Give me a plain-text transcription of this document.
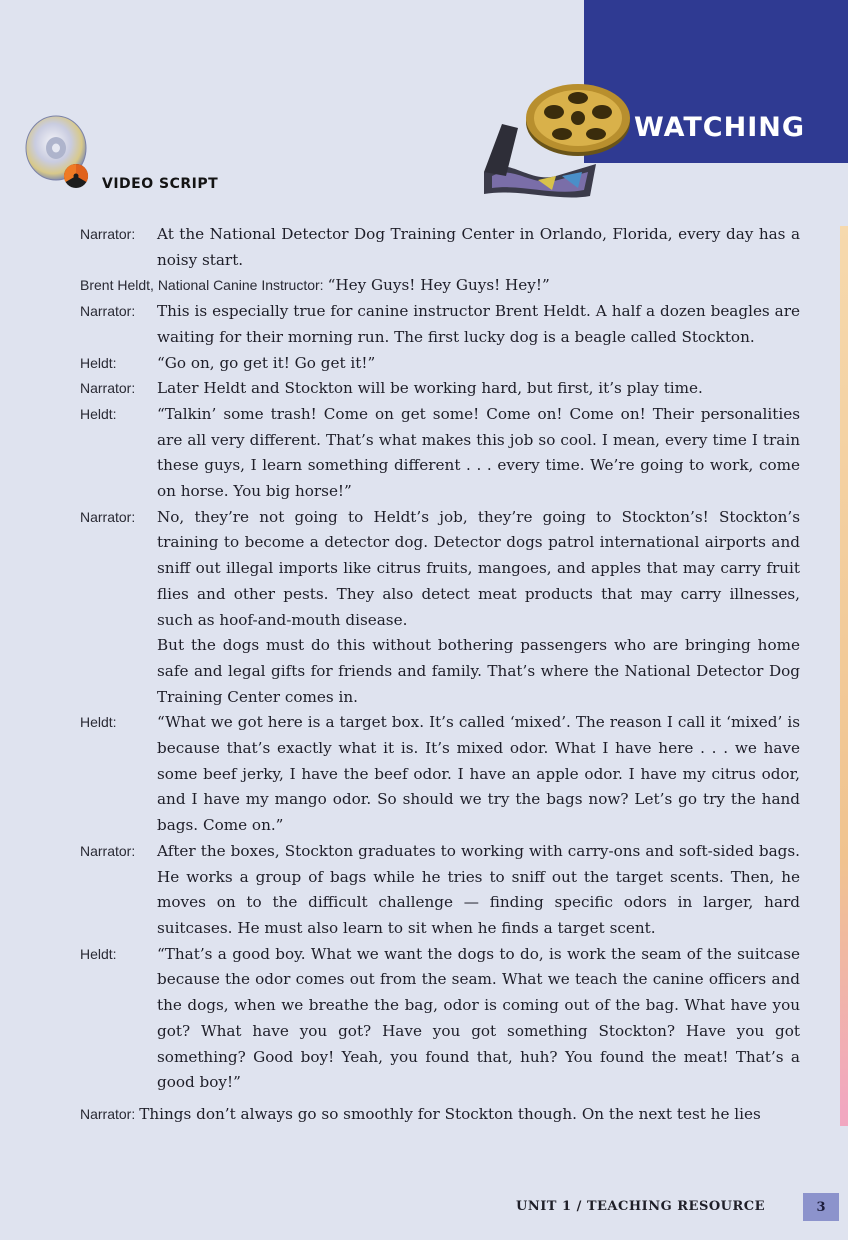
WATCHING
VIDEO SCRIPT
Narrator:	At the National Detector Dog Training Center in Orlando, Florida, every day has a noisy start.

Brent Heldt, National Canine Instructor: “Hey Guys! Hey Guys! Hey!”

Narrator:	This is especially true for canine instructor Brent Heldt. A half a dozen beagles are waiting for their morning run. The first lucky dog is a beagle called Stockton.

Heldt:	“Go on, go get it! Go get it!”

Narrator:	Later Heldt and Stockton will be working hard, but first, it’s play time.

Heldt:	“Talkin’ some trash! Come on get some! Come on! Come on! Their personalities are all very different. That’s what makes this job so cool. I mean, every time I train these guys, I learn something different . . . every time. We’re going to work, come on horse. You big horse!”

Narrator:	No, they’re not going to Heldt’s job, they’re going to Stockton’s! Stockton’s training to become a detector dog. Detector dogs patrol international airports and sniff out illegal imports like citrus fruits, mangoes, and apples that may carry fruit flies and other pests. They also detect meat products that may carry illnesses, such as hoof-and-mouth disease.

But the dogs must do this without bothering passengers who are bringing home safe and legal gifts for friends and family. That’s where the National Detector Dog Training Center comes in.

Heldt:	“What we got here is a target box. It’s called ‘mixed’. The reason I call it ‘mixed’ is because that’s exactly what it is. It’s mixed odor. What I have here . . . we have some beef jerky, I have the beef odor. I have an apple odor. I have my citrus odor, and I have my mango odor. So should we try the bags now? Let’s go try the hand bags. Come on.”

Narrator:	After the boxes, Stockton graduates to working with carry-ons and soft-sided bags. He works a group of bags while he tries to sniff out the target scents. Then, he moves on to the difficult challenge — finding specific odors in larger, hard suitcases. He must also learn to sit when he finds a target scent.

Heldt:	“That’s a good boy. What we want the dogs to do, is work the seam of the suitcase because the odor comes out from the seam. What we teach the canine officers and the dogs, when we breathe the bag, odor is coming out of the bag. What have you got? What have you got? Have you got something Stockton? Have you got something? Good boy! Yeah, you found that, huh? You found the meat! That’s a good boy!”

Narrator: Things don’t always go so smoothly for Stockton though. On the next test he lies

UNIT 1 / TEACHING RESOURCE	3
